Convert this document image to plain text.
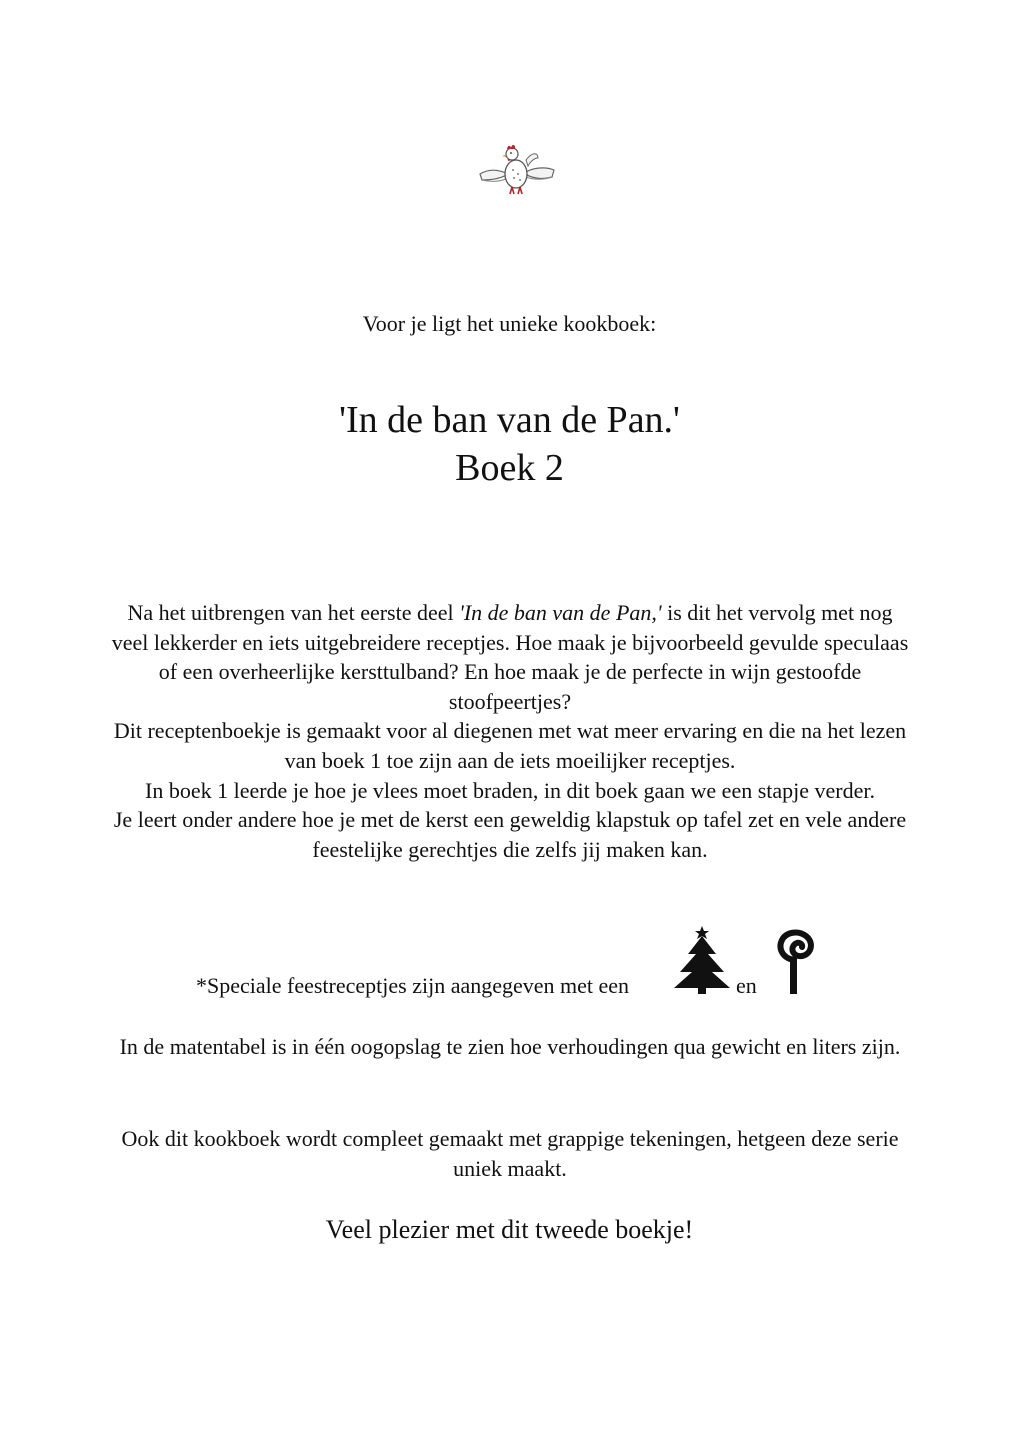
Voor je ligt het unieke kookboek:
'In de ban van de Pan.'
Boek 2

Na het uitbrengen van het eerste deel 'In de ban van de Pan,' is dit het vervolg met nog veel lekkerder en iets uitgebreidere receptjes. Hoe maak je bijvoorbeeld gevulde speculaas of een overheerlijke kersttulband? En hoe maak je de perfecte in wijn gestoofde stoofpeertjes?

Dit receptenboekje is gemaakt voor al diegenen met wat meer ervaring en die na het lezen van boek 1 toe zijn aan de iets moeilijker receptjes.

In boek 1 leerde je hoe je vlees moet braden, in dit boek gaan we een stapje verder.

Je leert onder andere hoe je met de kerst een geweldig klapstuk op tafel zet en vele andere feestelijke gerechtjes die zelfs jij maken kan.

*Speciale feestreceptjes zijn aangegeven met een	en

In de matentabel is in één oogopslag te zien hoe verhoudingen qua gewicht en liters zijn.

Ook dit kookboek wordt compleet gemaakt met grappige tekeningen, hetgeen deze serie uniek maakt.

Veel plezier met dit tweede boekje!
